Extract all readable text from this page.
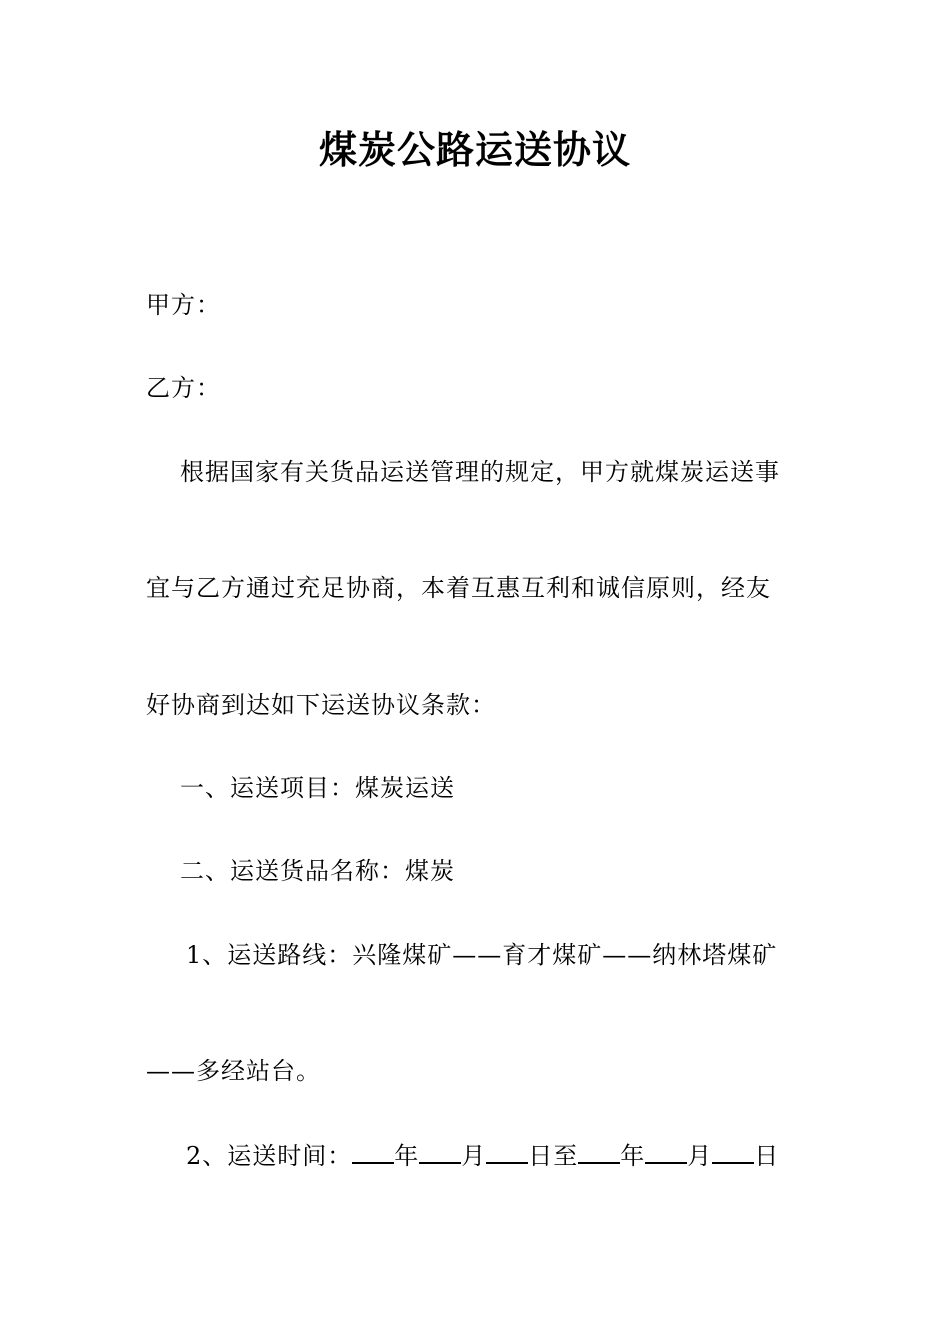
煤炭公路运送协议
甲方：
乙方：
根据国家有关货品运送管理的规定，甲方就煤炭运送事
宜与乙方通过充足协商，本着互惠互利和诚信原则，经友
好协商到达如下运送协议条款：
一、运送项目：煤炭运送
二、运送货品名称：煤炭
1、运送路线：兴隆煤矿——育才煤矿——纳林塔煤矿
——多经站台。
2、运送时间： 年 月 日至 年 月 日
